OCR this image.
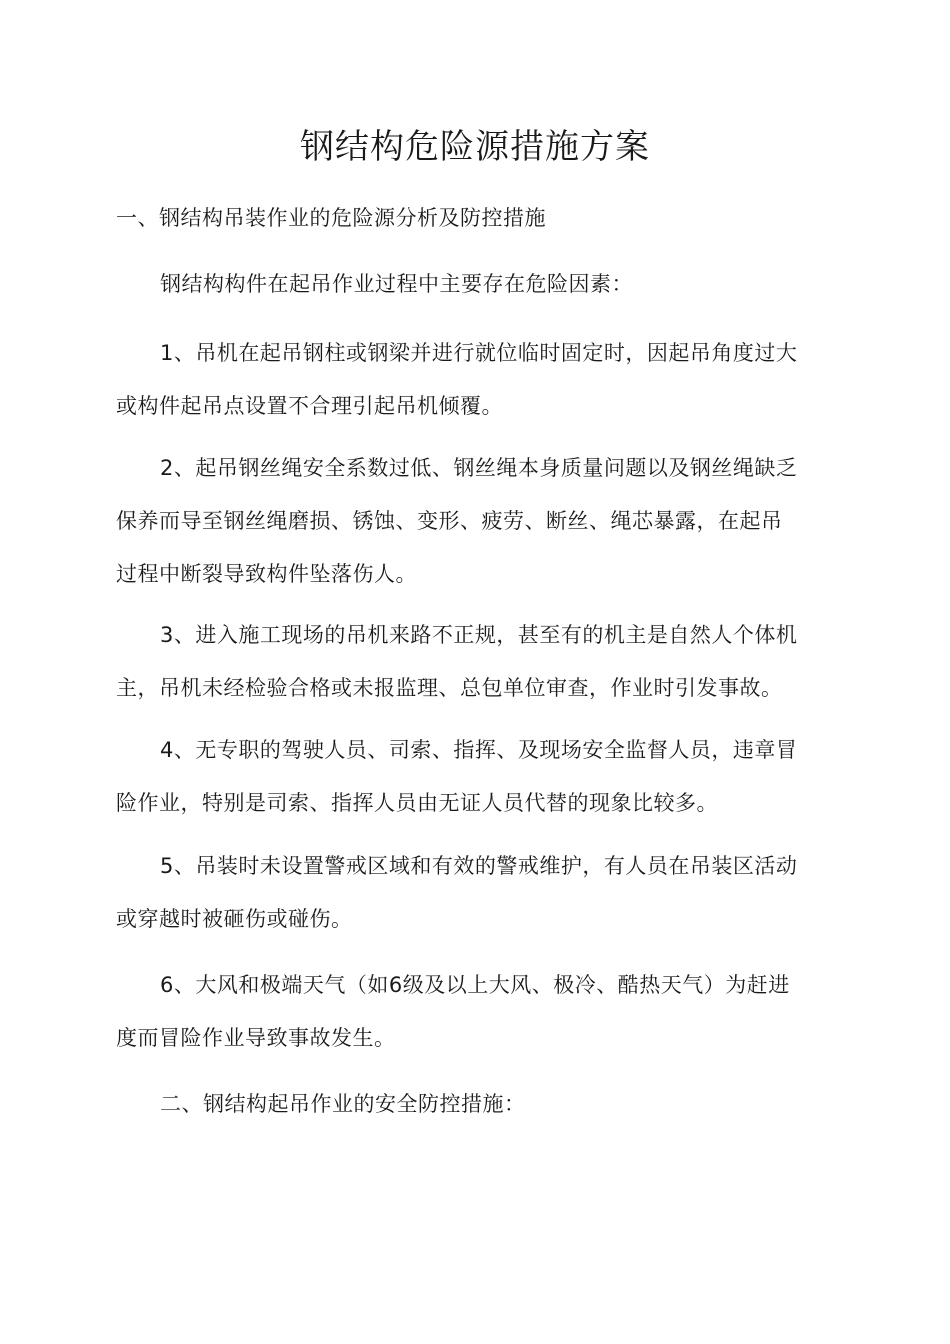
钢结构危险源措施方案

一、钢结构吊装作业的危险源分析及防控措施

钢结构构件在起吊作业过程中主要存在危险因素：

1、吊机在起吊钢柱或钢梁并进行就位临时固定时，因起吊角度过大
或构件起吊点设置不合理引起吊机倾覆。

2、起吊钢丝绳安全系数过低、钢丝绳本身质量问题以及钢丝绳缺乏
保养而导至钢丝绳磨损、锈蚀、变形、疲劳、断丝、绳芯暴露，在起吊
过程中断裂导致构件坠落伤人。

3、进入施工现场的吊机来路不正规，甚至有的机主是自然人个体机
主，吊机未经检验合格或未报监理、总包单位审查，作业时引发事故。

4、无专职的驾驶人员、司索、指挥、及现场安全监督人员，违章冒
险作业，特别是司索、指挥人员由无证人员代替的现象比较多。

5、吊装时未设置警戒区域和有效的警戒维护，有人员在吊装区活动
或穿越时被砸伤或碰伤。

6、大风和极端天气（如6级及以上大风、极冷、酷热天气）为赶进
度而冒险作业导致事故发生。

二、钢结构起吊作业的安全防控措施：
